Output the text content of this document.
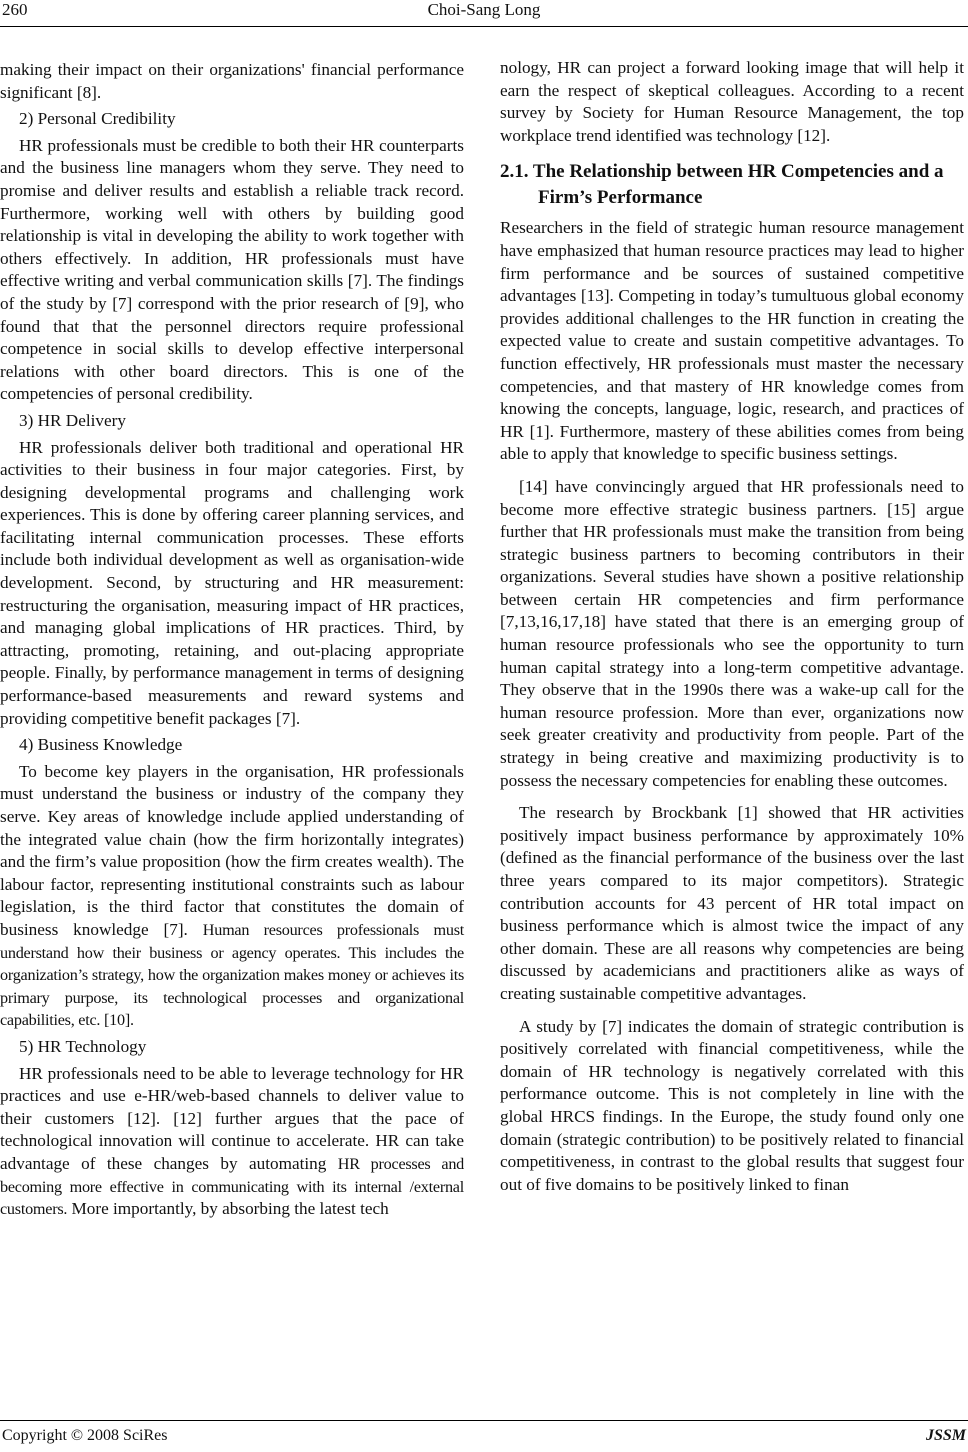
260	Choi-Sang Long

making their impact on their organizations' financial performance significant [8].

2) Personal Credibility

HR professionals must be credible to both their HR counterparts and the business line managers whom they serve. They need to promise and deliver results and establish a reliable track record. Furthermore, working well with others by building good relationship is vital in developing the ability to work together with others effectively. In addition, HR professionals must have effective writing and verbal communication skills [7]. The findings of the study by [7] correspond with the prior research of [9], who found that that the personnel directors require professional competence in social skills to develop effective interpersonal relations with other board directors. This is one of the competencies of personal credibility.

3) HR Delivery

HR professionals deliver both traditional and operational HR activities to their business in four major categories. First, by designing developmental programs and challenging work experiences. This is done by offering career planning services, and facilitating internal communication processes. These efforts include both individual development as well as organisation-wide development. Second, by structuring and HR measurement: restructuring the organisation, measuring impact of HR practices, and managing global implications of HR practices. Third, by attracting, promoting, retaining, and out-placing appropriate people. Finally, by performance management in terms of designing performance-based measurements and reward systems and providing competitive benefit packages [7].

4) Business Knowledge

To become key players in the organisation, HR professionals must understand the business or industry of the company they serve. Key areas of knowledge include applied understanding of the integrated value chain (how the firm horizontally integrates) and the firm’s value proposition (how the firm creates wealth). The labour factor, representing institutional constraints such as labour legislation, is the third factor that constitutes the domain of business knowledge [7]. Human resources professionals must understand how their business or agency operates. This includes the organization’s strategy, how the organization makes money or achieves its primary purpose, its technological processes and organizational capabilities, etc. [10].

5) HR Technology

HR professionals need to be able to leverage technology for HR practices and use e-HR/web-based channels to deliver value to their customers [12]. [12] further argues that the pace of technological innovation will continue to accelerate. HR can take advantage of these changes by automating HR processes and becoming more effective in communicating with its internal /external customers. More importantly, by absorbing the latest tech

nology, HR can project a forward looking image that will help it earn the respect of skeptical colleagues. According to a recent survey by Society for Human Resource Management, the top workplace trend identified was technology [12].

2.1. The Relationship between HR Competencies and a
Firm’s Performance

Researchers in the field of strategic human resource management have emphasized that human resource practices may lead to higher firm performance and be sources of sustained competitive advantages [13]. Competing in today’s tumultuous global economy provides additional challenges to the HR function in creating the expected value to create and sustain competitive advantages. To function effectively, HR professionals must master the necessary competencies, and that mastery of HR knowledge comes from knowing the concepts, language, logic, research, and practices of HR [1]. Furthermore, mastery of these abilities comes from being able to apply that knowledge to specific business settings.

[14] have convincingly argued that HR professionals need to become more effective strategic business partners. [15] argue further that HR professionals must make the transition from being strategic business partners to becoming contributors in their organizations. Several studies have shown a positive relationship between certain HR competencies and firm performance [7,13,16,17,18] have stated that there is an emerging group of human resource professionals who see the opportunity to turn human capital strategy into a long-term competitive advantage. They observe that in the 1990s there was a wake-up call for the human resource profession. More than ever, organizations now seek greater creativity and productivity from people. Part of the strategy in being creative and maximizing productivity is to possess the necessary competencies for enabling these outcomes.

The research by Brockbank [1] showed that HR activities positively impact business performance by approximately 10% (defined as the financial performance of the business over the last three years compared to its major competitors). Strategic contribution accounts for 43 percent of HR total impact on business performance which is almost twice the impact of any other domain. These are all reasons why competencies are being discussed by academicians and practitioners alike as ways of creating sustainable competitive advantages.

A study by [7] indicates the domain of strategic contribution is positively correlated with financial competitiveness, while the domain of HR technology is negatively correlated with this performance outcome. This is not completely in line with the global HRCS findings. In the Europe, the study found only one domain (strategic contribution) to be positively related to financial competitiveness, in contrast to the global results that suggest four out of five domains to be positively linked to finan

Copyright © 2008 SciRes	JSSM
